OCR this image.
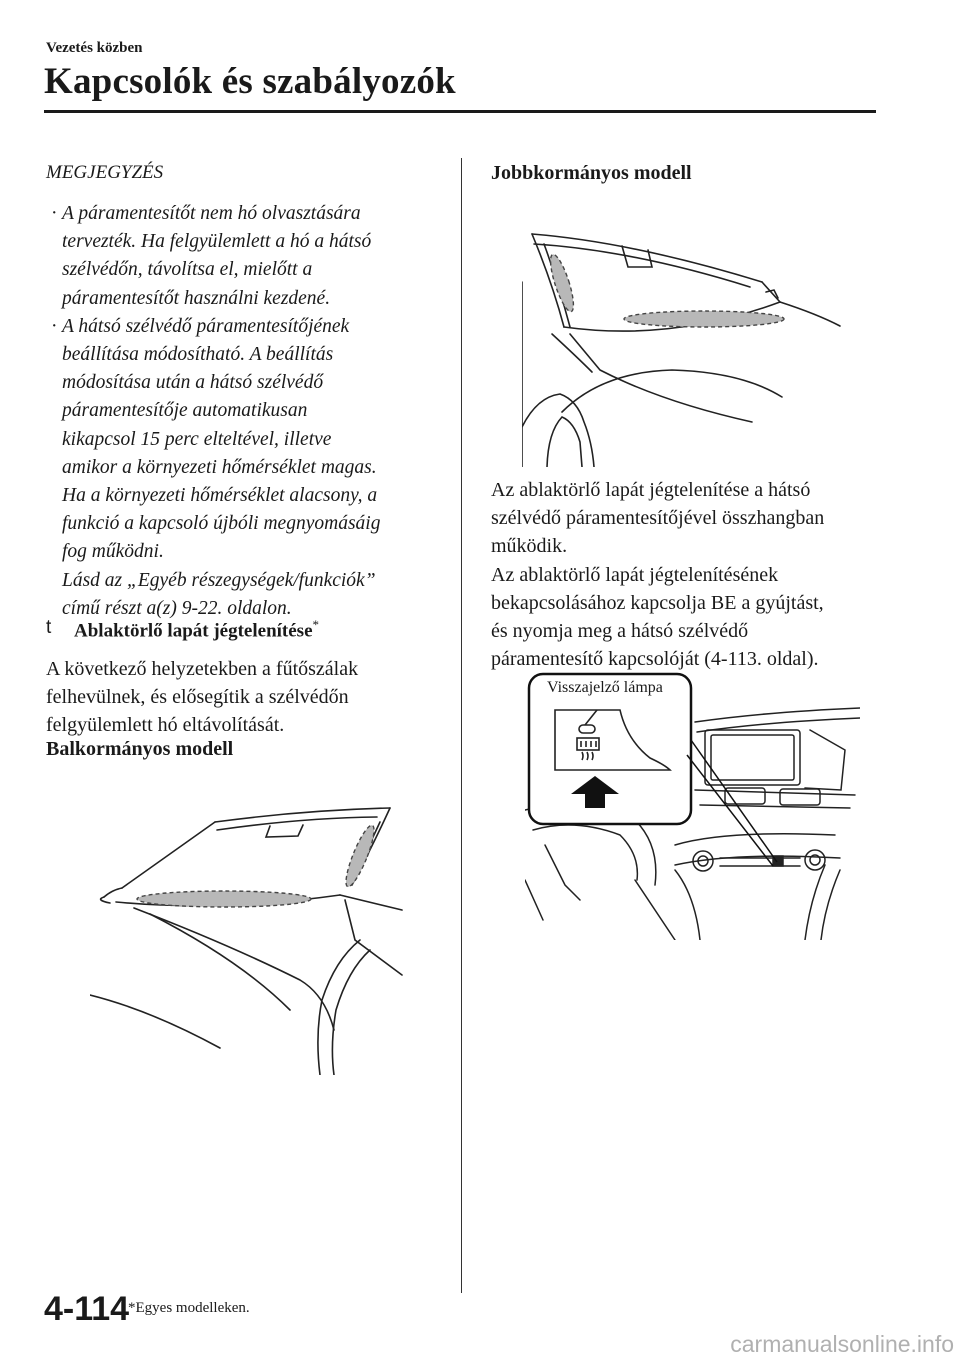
Vezetés közben
Kapcsolók és szabályozók
MEGJEGYZÉS
· A páramentesítőt nem hó olvasztására

tervezték. Ha felgyülemlett a hó a hátsó

szélvédőn, távolítsa el, mielőtt a

páramentesítőt használni kezdené.

· A hátsó szélvédő páramentesítőjének

beállítása módosítható. A beállítás

módosítása után a hátsó szélvédő

páramentesítője automatikusan

kikapcsol 15 perc elteltével, illetve

amikor a környezeti hőmérséklet magas.

Ha a környezeti hőmérséklet alacsony, a

funkció a kapcsoló újbóli megnyomásáig

fog működni.

Lásd az „Egyéb részegységek/funkciók”

című részt a(z) 9-22. oldalon.

t Ablaktörlő lapát jégtelenítése*
A következő helyzetekben a fűtőszálak
felhevülnek, és elősegítik a szélvédőn
felgyülemlett hó eltávolítását.
Balkormányos modell
Jobbkormányos modell
Az ablaktörlő lapát jégtelenítése a hátsó
szélvédő páramentesítőjével összhangban
működik.
Az ablaktörlő lapát jégtelenítésének
bekapcsolásához kapcsolja BE a gyújtást,
és nyomja meg a hátsó szélvédő
páramentesítő kapcsolóját (4-113. oldal).
Visszajelző lámpa
4-114
*Egyes modelleken.
carmanualsonline.info
